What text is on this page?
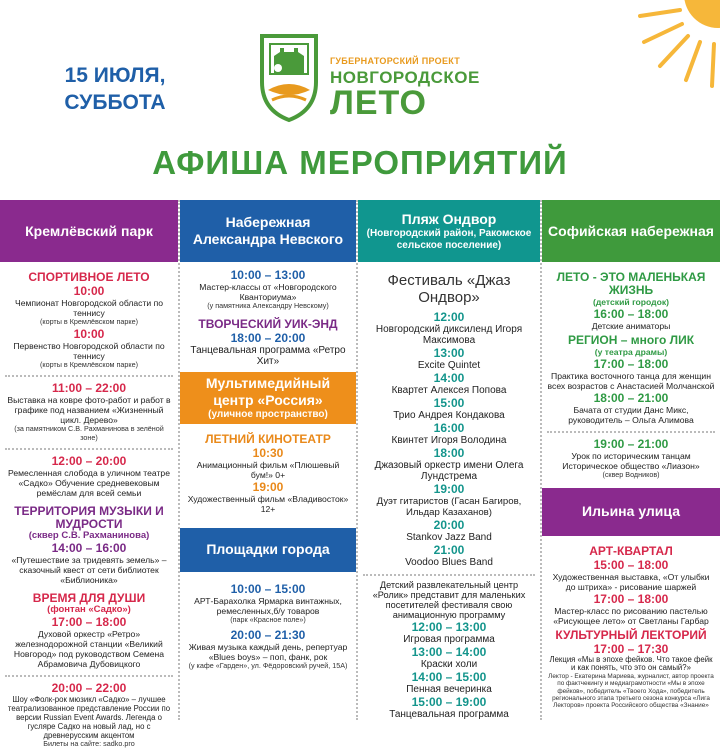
15 ИЮЛЯ,
СУББОТА
ГУБЕРНАТОРСКИЙ ПРОЕКТ
НОВГОРОДСКОЕ
ЛЕТО
АФИША МЕРОПРИЯТИЙ
Кремлёвский парк
СПОРТИВНОЕ ЛЕТО
10:00
Чемпионат Новгородской области по теннису
(корты в Кремлёвском парке)
10:00
Первенство Новгородской области по теннису
(корты в Кремлёвском парке)
11:00 – 22:00
Выставка на ковре фото-работ и работ в графике под названием «Жизненный цикл. Дерево»
(за памятником С.В. Рахманинова в зелёной зоне)
12:00 – 20:00
Ремесленная слобода в уличном театре «Садко» Обучение средневековым ремёслам для всей семьи
ТЕРРИТОРИЯ МУЗЫКИ И МУДРОСТИ
(сквер С.В. Рахманинова)
14:00 – 16:00
«Путешествие за тридевять земель» – сказочный квест от сети библиотек «Библионика»
ВРЕМЯ ДЛЯ ДУШИ
(фонтан «Садко»)
17:00 – 18:00
Духовой оркестр «Ретро» железнодорожной станции «Великий Новгород» под руководством Семена Абрамовича Дубовицкого
20:00 – 22:00
Шоу «Фолк-рок мюзикл «Садко» – лучшее театрализованное представление России по версии Russian Event Awards. Легенда о гусляре Садко на новый лад, но с древнерусским акцентом
Билеты на сайте: sadko.pro
Набережная Александра Невского
10:00 – 13:00
Мастер-классы от «Новгородского Кванториума»
(у памятника Александру Невскому)
ТВОРЧЕСКИЙ УИК-ЭНД
18:00 – 20:00
Танцевальная программа «Ретро Хит»
Мультимедийный центр «Россия»
(уличное пространство)
ЛЕТНИЙ КИНОТЕАТР
10:30
Анимационный фильм «Плюшевый бум!» 0+
19:00
Художественный фильм «Владивосток» 12+
Площадки города
10:00 – 15:00
АРТ-Барахолка Ярмарка винтажных, ремесленных,б/у товаров
(парк «Красное поле»)
20:00 – 21:30
Живая музыка каждый день, репертуар «Blues boys» – поп, фанк, рок
(у кафе «Гарден», ул. Фёдоровский ручей, 15А)
Пляж Ондвор
(Новгородский район, Ракомское сельское поселение)
Фестиваль «Джаз Ондвор»
12:00
Новгородский диксиленд Игоря Максимова
13:00
Excite Quintet
14:00
Квартет Алексея Попова
15:00
Трио Андрея Кондакова
16:00
Квинтет Игоря Володина
18:00
Джазовый оркестр имени Олега Лундстрема
19:00
Дуэт гитаристов (Гасан Багиров, Ильдар Казаханов)
20:00
Stankov Jazz Band
21:00
Voodoo Blues Band
Детский развлекательный центр «Ролик» представит для маленьких посетителей фестиваля свою анимационную программу
12:00 – 13:00
Игровая программа
13:00 – 14:00
Краски холи
14:00 – 15:00
Пенная вечеринка
15:00 – 19:00
Танцевальная программа
Софийская набережная
ЛЕТО - ЭТО МАЛЕНЬКАЯ ЖИЗНЬ
(детский городок)
16:00 – 18:00
Детские аниматоры
РЕГИОН – много ЛИК
(у театра драмы)
17:00 – 18:00
Практика восточного танца для женщин всех возрастов с Анастасией Молчанской
18:00 – 21:00
Бачата от студии Данс Микс, руководитель – Ольга Алимова
19:00 – 21:00
Урок по историческим танцам Историческое общество «Лиазон»
(сквер Водников)
Ильина улица
АРТ-КВАРТАЛ
15:00 – 18:00
Художественная выставка, «От улыбки до штриха» - рисование шаржей
17:00 – 18:00
Мастер-класс по рисованию пастелью «Рисующее лето» от Светланы Гарбар
КУЛЬТУРНЫЙ ЛЕКТОРИЙ
17:00 – 17:30
Лекция «Мы в эпохе фейков. Что такое фейк и как понять, что это он самый?»
Лектор - Екатерина Мариева, журналист, автор проекта по фактчекингу и медиаграмотности «Мы в эпохе фейков», победитель «Твоего Хода», победитель регионального этапа третьего сезона конкурса «Лига Лекторов» проекта Российского общества «Знание»
